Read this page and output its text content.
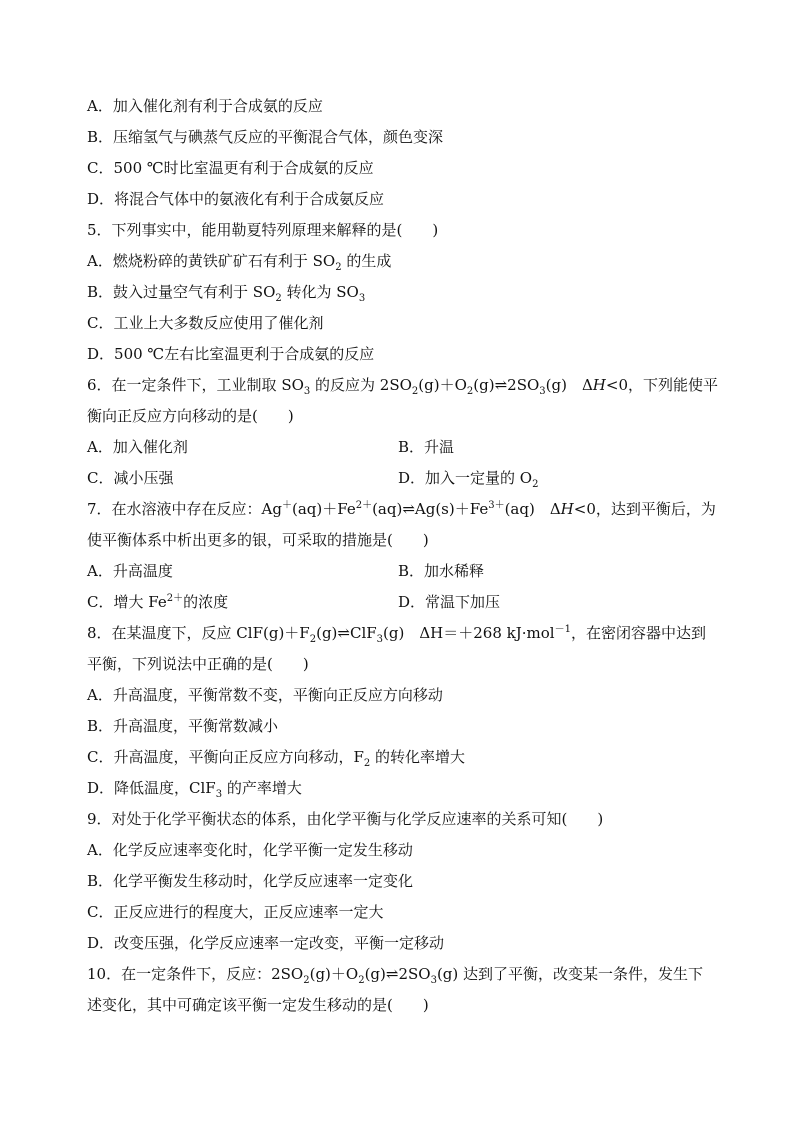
A．加入催化剂有利于合成氨的反应
B．压缩氢气与碘蒸气反应的平衡混合气体，颜色变深
C．500 ℃时比室温更有利于合成氨的反应
D．将混合气体中的氨液化有利于合成氨反应
5．下列事实中，能用勒夏特列原理来解释的是(　　)
A．燃烧粉碎的黄铁矿矿石有利于 $SO_2$ 的生成
B．鼓入过量空气有利于 $SO_2$ 转化为 $SO_3$
C．工业上大多数反应使用了催化剂
D．500 ℃左右比室温更利于合成氨的反应
6．在一定条件下，工业制取 $SO_3$ 的反应为 $2SO_2(g)+O_2(g)\rightleftharpoons 2SO_3(g)$　ΔH<0，下列能使平
衡向正反应方向移动的是(　　)
A．加入催化剂	B．升温
C．减小压强	D．加入一定量的 $O_2$
7．在水溶液中存在反应：$Ag^+(aq)+Fe^{2+}(aq)\rightleftharpoons Ag(s)+Fe^{3+}(aq)$　ΔH<0，达到平衡后，为
使平衡体系中析出更多的银，可采取的措施是(　　)
A．升高温度	B．加水稀释
C．增大 $Fe^{2+}$的浓度	D．常温下加压
8．在某温度下，反应 $ClF(g)+F_2(g)\rightleftharpoons ClF_3(g)$　ΔH＝＋268 kJ·mol$^{-1}$，在密闭容器中达到
平衡，下列说法中正确的是(　　)
A．升高温度，平衡常数不变，平衡向正反应方向移动
B．升高温度，平衡常数减小
C．升高温度，平衡向正反应方向移动，$F_2$ 的转化率增大
D．降低温度，ClF$_3$ 的产率增大
9．对处于化学平衡状态的体系，由化学平衡与化学反应速率的关系可知(　　)
A．化学反应速率变化时，化学平衡一定发生移动
B．化学平衡发生移动时，化学反应速率一定变化
C．正反应进行的程度大，正反应速率一定大
D．改变压强，化学反应速率一定改变，平衡一定移动
10．在一定条件下，反应：$2SO_2(g)+O_2(g)\rightleftharpoons 2SO_3(g)$ 达到了平衡，改变某一条件，发生下
述变化，其中可确定该平衡一定发生移动的是(　　)
